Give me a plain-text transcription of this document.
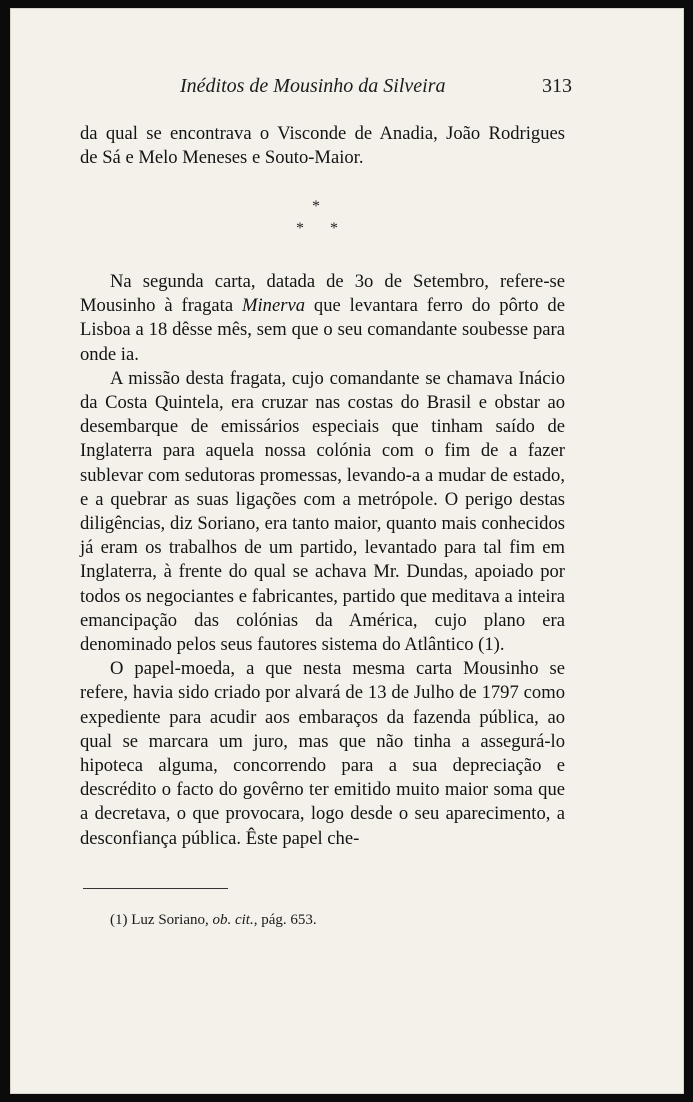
Inéditos de Mousinho da Silveira	313

da qual se encontrava o Visconde de Anadia, João Rodrigues

de Sá e Melo Meneses e Souto-Maior.

*
* *

Na segunda carta, datada de 3o de Setembro, refere-se Mousinho à fragata Minerva que levantara ferro do pôrto de Lisboa a 18 dêsse mês, sem que o seu comandante soubesse para onde ia.

A missão desta fragata, cujo comandante se chamava Inácio da Costa Quintela, era cruzar nas costas do Brasil e obstar ao desembarque de emissários especiais que tinham saído de Inglaterra para aquela nossa colónia com o fim de a fazer sublevar com sedutoras promessas, levando-a a mudar de estado, e a quebrar as suas ligações com a metrópole. O perigo destas diligências, diz Soriano, era tanto maior, quanto mais conhecidos já eram os trabalhos de um partido, levantado para tal fim em Inglaterra, à frente do qual se achava Mr. Dundas, apoiado por todos os negociantes e fabricantes, partido que meditava a inteira emancipação das colónias da América, cujo plano era denominado pelos seus fautores sistema do Atlântico (1).

O papel-moeda, a que nesta mesma carta Mousinho se refere, havia sido criado por alvará de 13 de Julho de 1797 como expediente para acudir aos embaraços da fazenda pública, ao qual se marcara um juro, mas que não tinha a assegurá-lo hipoteca alguma, concorrendo para a sua depreciação e descrédito o facto do govêrno ter emitido muito maior soma que a decretava, o que provocara, logo desde o seu aparecimento, a desconfiança pública. Êste papel che-

(1) Luz Soriano, ob. cit., pág. 653.
